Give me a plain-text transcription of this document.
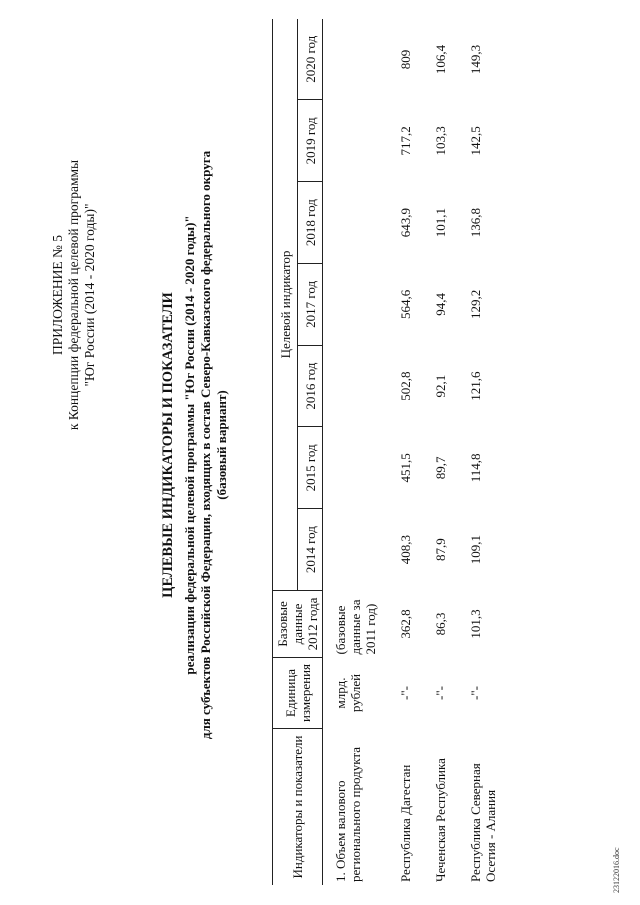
ПРИЛОЖЕНИЕ № 5 к Концепции федеральной целевой программы "Юг России (2014 - 2020 годы)"	ЦЕЛЕВЫЕ ИНДИКАТОРЫ И ПОКАЗАТЕЛИ реализации федеральной целевой программы "Юг России (2014 - 2020 годы)" для субъектов Российской Федерации, входящих в состав Северо-Кавказского федерального округа (базовый вариант)
Индикаторы и показатели	Единица измерения	Базовые данные 2012 года	Целевой индикатор						
			2014 год	2015 год	2016 год	2017 год	2018 год	2019 год	2020 год
1. Объем валового регионального продукта	млрд. рублей	(базовые данные за 2011 год)							
Республика Дагестан	-"-	362,8	408,3	451,5	502,8	564,6	643,9	717,2	809
Чеченская Республика	-"-	86,3	87,9	89,7	92,1	94,4	101,1	103,3	106,4
Республика Северная Осетия - Алания	-"-	101,3	109,1	114,8	121,6	129,2	136,8	142,5	149,3
23122016.doc
